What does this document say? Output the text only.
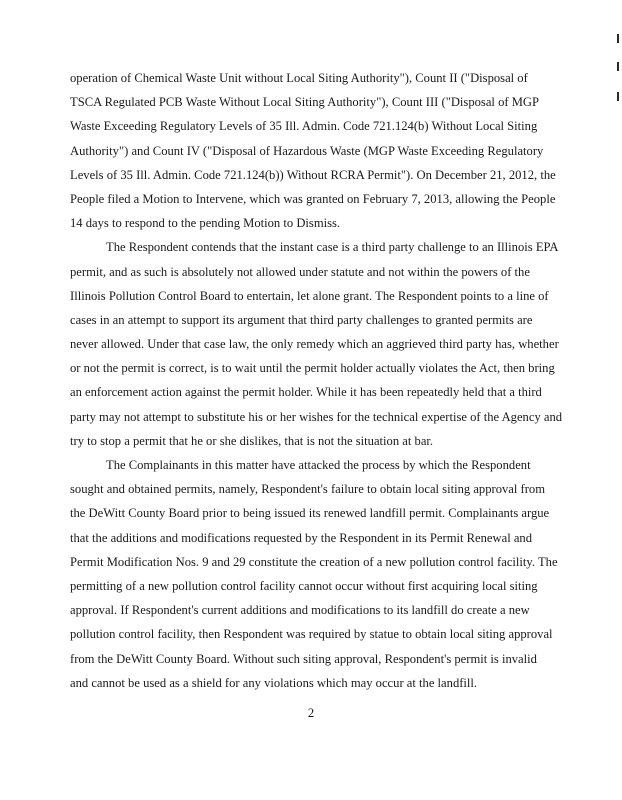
operation of Chemical Waste Unit without Local Siting Authority"), Count II ("Disposal of
TSCA Regulated PCB Waste Without Local Siting Authority"), Count III ("Disposal of MGP
Waste Exceeding Regulatory Levels of 35 Ill. Admin. Code 721.124(b) Without Local Siting
Authority") and Count IV ("Disposal of Hazardous Waste (MGP Waste Exceeding Regulatory
Levels of 35 Ill. Admin. Code 721.124(b)) Without RCRA Permit"). On December 21, 2012, the
People filed a Motion to Intervene, which was granted on February 7, 2013, allowing the People
14 days to respond to the pending Motion to Dismiss.
The Respondent contends that the instant case is a third party challenge to an Illinois EPA
permit, and as such is absolutely not allowed under statute and not within the powers of the
Illinois Pollution Control Board to entertain, let alone grant. The Respondent points to a line of
cases in an attempt to support its argument that third party challenges to granted permits are
never allowed. Under that case law, the only remedy which an aggrieved third party has, whether
or not the permit is correct, is to wait until the permit holder actually violates the Act, then bring
an enforcement action against the permit holder. While it has been repeatedly held that a third
party may not attempt to substitute his or her wishes for the technical expertise of the Agency and
try to stop a permit that he or she dislikes, that is not the situation at bar.
The Complainants in this matter have attacked the process by which the Respondent
sought and obtained permits, namely, Respondent's failure to obtain local siting approval from
the DeWitt County Board prior to being issued its renewed landfill permit. Complainants argue
that the additions and modifications requested by the Respondent in its Permit Renewal and
Permit Modification Nos. 9 and 29 constitute the creation of a new pollution control facility. The
permitting of a new pollution control facility cannot occur without first acquiring local siting
approval. If Respondent's current additions and modifications to its landfill do create a new
pollution control facility, then Respondent was required by statue to obtain local siting approval
from the DeWitt County Board. Without such siting approval, Respondent's permit is invalid
and cannot be used as a shield for any violations which may occur at the landfill.
2
